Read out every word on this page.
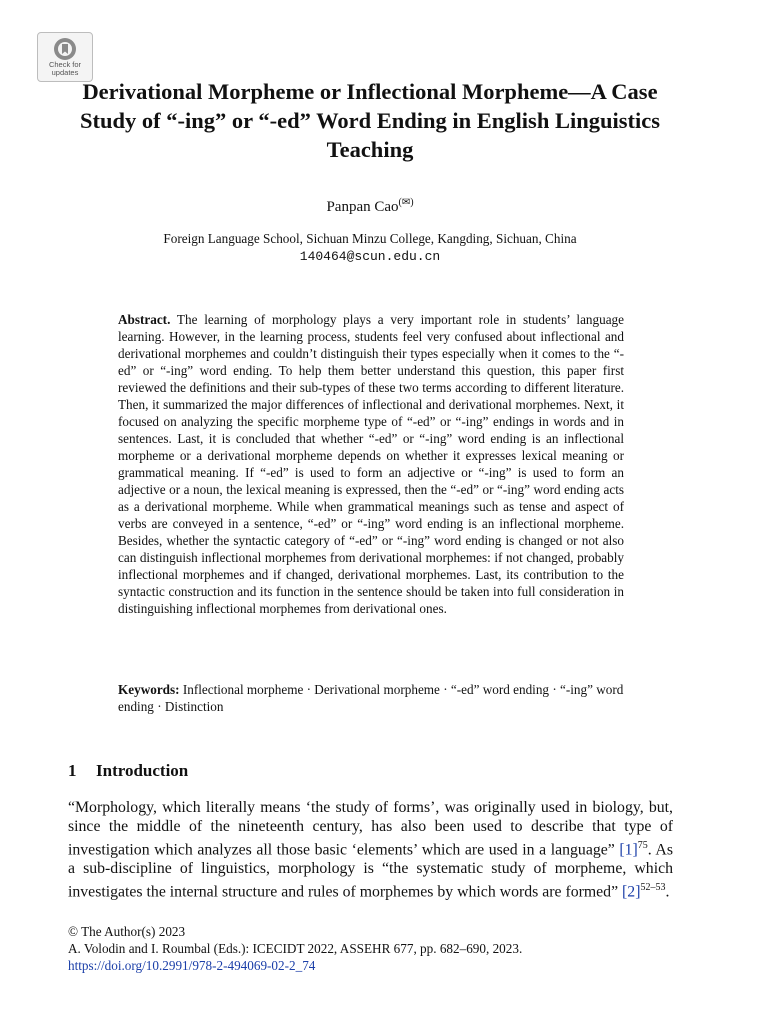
Check for
updates
Derivational Morpheme or Inflectional Morpheme—A Case Study of “-ing” or “-ed” Word Ending in English Linguistics Teaching
Panpan Cao(✉)
Foreign Language School, Sichuan Minzu College, Kangding, Sichuan, China
140464@scun.edu.cn

Abstract. The learning of morphology plays a very important role in students’ language learning. However, in the learning process, students feel very confused about inflectional and derivational morphemes and couldn’t distinguish their types especially when it comes to the “-ed” or “-ing” word ending. To help them better understand this question, this paper first reviewed the definitions and their sub-types of these two terms according to different literature. Then, it summarized the major differences of inflectional and derivational morphemes. Next, it focused on analyzing the specific morpheme type of “-ed” or “-ing” endings in words and in sentences. Last, it is concluded that whether “-ed” or “-ing” word ending is an inflectional morpheme or a derivational morpheme depends on whether it expresses lexical meaning or grammatical meaning. If “-ed” is used to form an adjective or “-ing” is used to form an adjective or a noun, the lexical meaning is expressed, then the “-ed” or “-ing” word ending acts as a derivational morpheme. While when grammatical meanings such as tense and aspect of verbs are conveyed in a sentence, “-ed” or “-ing” word ending is an inflectional morpheme. Besides, whether the syntactic category of “-ed” or “-ing” word ending is changed or not also can distinguish inflectional morphemes from derivational morphemes: if not changed, probably inflectional morphemes and if changed, derivational morphemes. Last, its contribution to the syntactic construction and its function in the sentence should be taken into full consideration in distinguishing inflectional morphemes from derivational ones.

Keywords: Inflectional morpheme · Derivational morpheme · “-ed” word ending · “-ing” word ending · Distinction

1 Introduction

“Morphology, which literally means ‘the study of forms’, was originally used in biology, but, since the middle of the nineteenth century, has also been used to describe that type of investigation which analyzes all those basic ‘elements’ which are used in a language” $[1]^{75}$. As a sub-discipline of linguistics, morphology is “the systematic study of morpheme, which investigates the internal structure and rules of morphemes by which words are formed” $[2]^{52-53}$.

© The Author(s) 2023
A. Volodin and I. Roumbal (Eds.): ICECIDT 2022, ASSEHR 677, pp. 682–690, 2023.
https://doi.org/10.2991/978-2-494069-02-2_74
